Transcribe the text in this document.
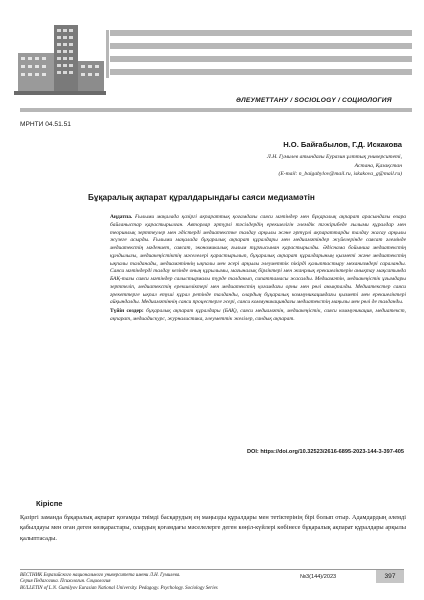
ӘЛЕУМЕТТАНУ / SOCIOLOGY / СОЦИОЛОГИЯ
МРНТИ 04.51.51
Н.О. Байғабылов, Г.Д. Искакова
Л.Н. Гумилев атындағы Еуразия ұлттық университеті,
Астана, Қазақстан
(E-mail: n_baigabylov@mail.ru, iskakova_g@mail.ru)
Бұқаралық ақпарат құралдарындағы саяси медиамәтін
Аңдатпа. Ғылыми мақалада қазіргі ақпараттық қоғамдағы саяси мәтіндер мен бұқаралық ақпарат арасындағы өзара байланыстар қарастырылған. Авторлар әртүрлі тәсілдердің ерекшелігін әлемдік тәжірибеде ғылыми құралдар мен теориялық зерттеулер мен әдістерді медиатекстке талдау арқылы және әртүрлі ақпараттарды талдау жасау арқылы жүзеге асырды. Ғылыми мақалада бұқаралық ақпарат құралдары мен медиамәтіндер жүйелерінде саясат әлемінде медиатекстің мәдениет, саясат, экономикалық ғылым тұрғысынан қарастырылды. Әдіснама бойынша медиатекстің құндылығы, медиакеңістіктің мәселелері қарастырылып, бұқаралық ақпарат құралдарының қызметі және медиатекстің ықпалы талданады, медиамәтіннің ықпалы мен әсері арқылы әлеуметтік пікірді қалыптастыру механизмдері сараланды. Саяси мәтіндерді талдау кезінде оның құрылымы, мағыналық бірліктері мен жанрлық ерекшеліктерін анықтау мақсатында БАҚ-тағы саяси мәтіндер салыстырмалы түрде талданып, сипаттамасы жасалды. Медиамәтін, медиакеңістік ұғымдары зерттеліп, медиатекстің ерекшеліктері мен медиатекстің қоғамдағы орны мен рөлі анықталды. Медиатекстер саяси әрекеттерге ықпал етуші құрал ретінде талданды, олардың бұқаралық коммуникациядағы қызметі мен ерекшеліктері айқындалды. Медиамәтіннің саяси процестерге әсері, саяси коммуникациядағы медиатекстің маңызы мен рөлі де талданды.
Түйін сөздер: бұқаралық ақпарат құралдары (БАҚ), саяси медиамәтін, медиакеңістік, саяси коммуникация, медиатекст, ақпарат, медиадискурс, журналистика, әлеуметтік желілер, сандық ақпарат.
DOI: https://doi.org/10.32523/2616-6895-2023-144-3-397-405
Кіріспе
Қазіргі заманда бұқаралық ақпарат қоғамды тиімді басқарудың ең маңызды құралдары мен тетіктерінің бірі болып отыр. Адамдардың әлемді қабылдауы мен оған деген көзқарастары, олардың қоғамдағы мәселелерге деген көңіл-күйлері көбінесе бұқаралық ақпарат құралдары арқылы қалыптасады.
ВЕСТНИК Евразийского национального университета имени Л.Н. Гумилева.
Серия Педагогика. Психология. Социология
BULLETIN of L.N. Gumilyov Eurasian National University. Pedagogy. Psychology. Sociology Series
№3(144)/2023	397
